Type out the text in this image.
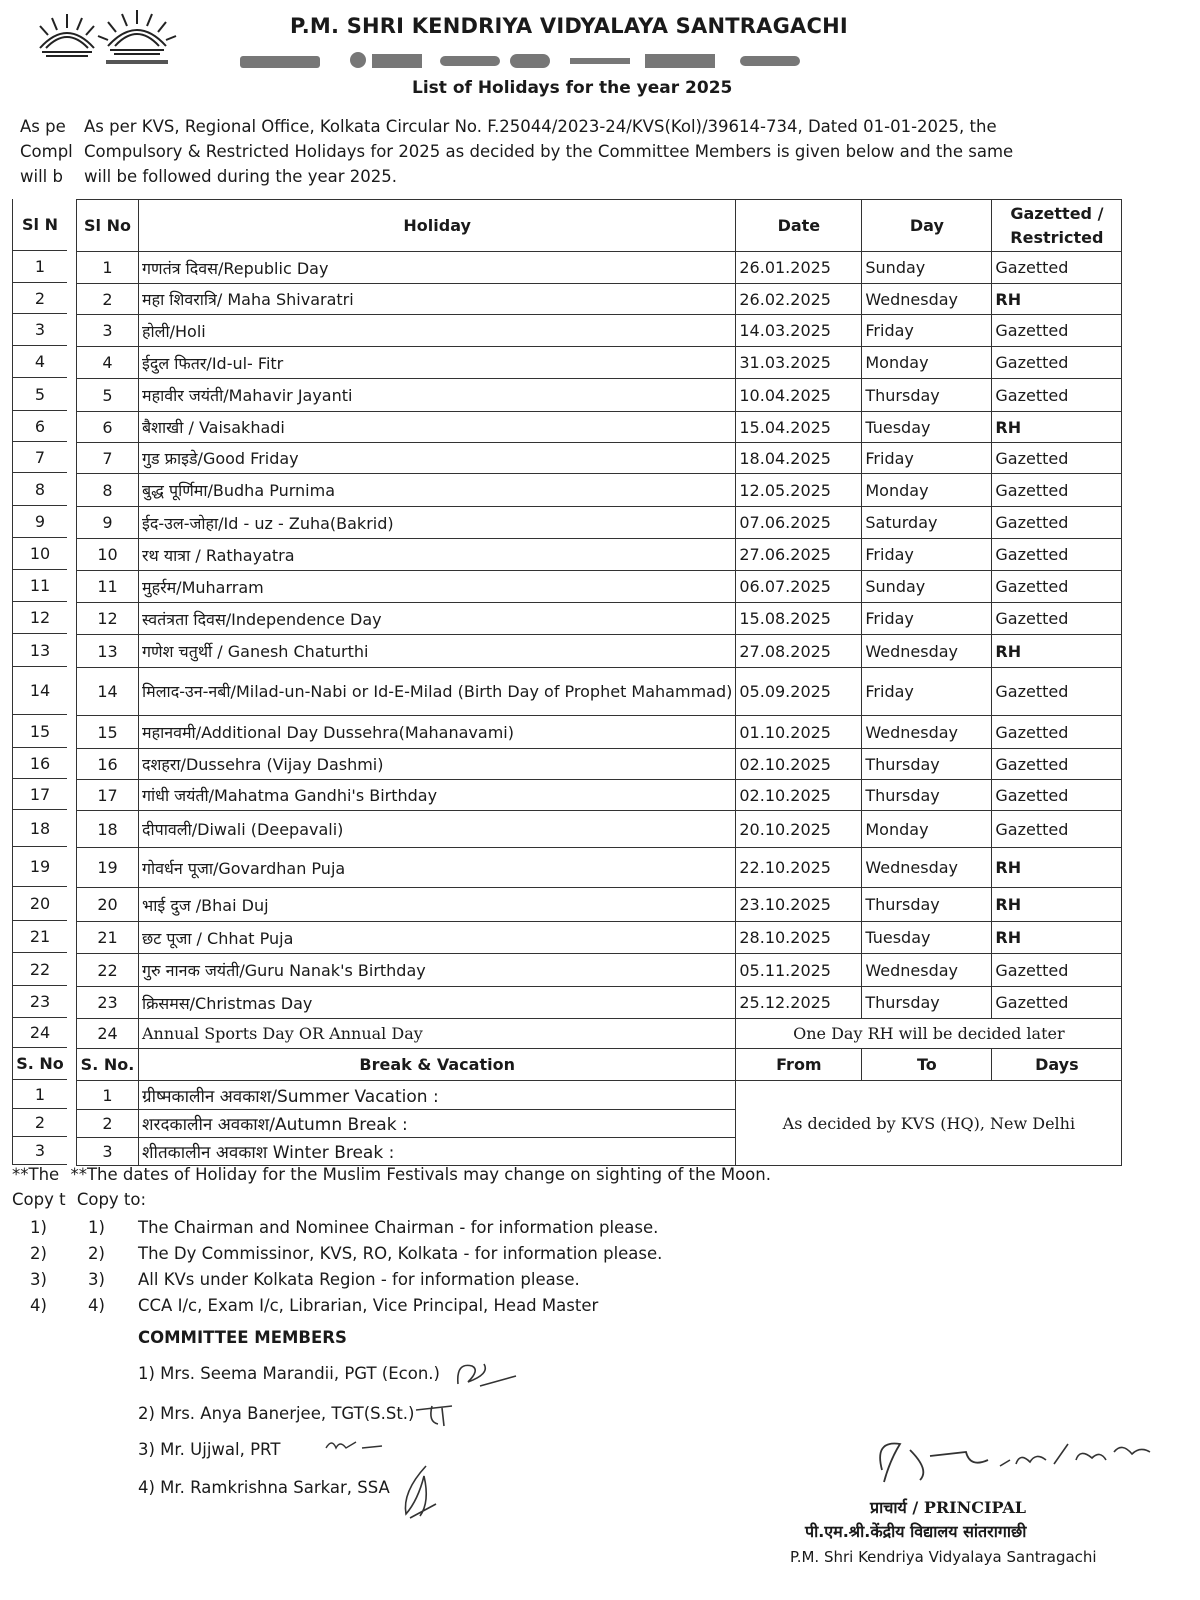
P.M. SHRI KENDRIYA VIDYALAYA SANTRAGACHI
List of Holidays for the year 2025
As pe
Compl
will b
As per KVS, Regional Office, Kolkata Circular No. F.25044/2023-24/KVS(Kol)/39614-734, Dated 01-01-2025, the
Compulsory & Restricted Holidays for 2025 as decided by the Committee Members is given below and the same
will be followed during the year 2025.
Sl N
1
2
3
4
5
6
7
8
9
10
11
12
13
14
15
16
17
18
19
20
21
22
23
24
S. No
1
2
3
Sl No	Holiday	Date	Day	Gazetted / Restricted
1	गणतंत्र दिवस/Republic Day	26.01.2025	Sunday	Gazetted
2	महा शिवरात्रि/ Maha Shivaratri	26.02.2025	Wednesday	RH
3	होली/Holi	14.03.2025	Friday	Gazetted
4	ईदुल फितर/Id-ul- Fitr	31.03.2025	Monday	Gazetted
5	महावीर जयंती/Mahavir Jayanti	10.04.2025	Thursday	Gazetted
6	बैशाखी / Vaisakhadi	15.04.2025	Tuesday	RH
7	गुड फ्राइडे/Good Friday	18.04.2025	Friday	Gazetted
8	बुद्ध पूर्णिमा/Budha Purnima	12.05.2025	Monday	Gazetted
9	ईद-उल-जोहा/Id - uz - Zuha(Bakrid)	07.06.2025	Saturday	Gazetted
10	रथ यात्रा / Rathayatra	27.06.2025	Friday	Gazetted
11	मुहर्रम/Muharram	06.07.2025	Sunday	Gazetted
12	स्वतंत्रता दिवस/Independence Day	15.08.2025	Friday	Gazetted
13	गणेश चतुर्थी / Ganesh Chaturthi	27.08.2025	Wednesday	RH
14	मिलाद-उन-नबी/Milad-un-Nabi or Id-E-Milad (Birth Day of Prophet Mahammad)	05.09.2025	Friday	Gazetted
15	महानवमी/Additional Day Dussehra(Mahanavami)	01.10.2025	Wednesday	Gazetted
16	दशहरा/Dussehra (Vijay Dashmi)	02.10.2025	Thursday	Gazetted
17	गांधी जयंती/Mahatma Gandhi's Birthday	02.10.2025	Thursday	Gazetted
18	दीपावली/Diwali (Deepavali)	20.10.2025	Monday	Gazetted
19	गोवर्धन पूजा/Govardhan Puja	22.10.2025	Wednesday	RH
20	भाई दुज /Bhai Duj	23.10.2025	Thursday	RH
21	छट पूजा / Chhat Puja	28.10.2025	Tuesday	RH
22	गुरु नानक जयंती/Guru Nanak's Birthday	05.11.2025	Wednesday	Gazetted
23	क्रिसमस/Christmas Day	25.12.2025	Thursday	Gazetted
24	Annual Sports Day OR Annual Day	One Day RH will be decided later		
S. No.	Break & Vacation	From	To	Days
1	ग्रीष्मकालीन अवकाश/Summer Vacation :	As decided by KVS (HQ), New Delhi		
2	शरदकालीन अवकाश/Autumn Break :			
3	शीतकालीन अवकाश Winter Break :			
**The **The dates of Holiday for the Muslim Festivals may change on sighting of the Moon.
Copy t Copy to:
1)	1)	The Chairman and Nominee Chairman - for information please.
2)	2)	The Dy Commissinor, KVS, RO, Kolkata - for information please.
3)	3)	All KVs under Kolkata Region - for information please.
4)	4)	CCA I/c, Exam I/c, Librarian, Vice Principal, Head Master
COMMITTEE MEMBERS
1) Mrs. Seema Marandii, PGT (Econ.)
2) Mrs. Anya Banerjee, TGT(S.St.)
3) Mr. Ujjwal, PRT
4) Mr. Ramkrishna Sarkar, SSA
प्राचार्य / PRINCIPAL
पी.एम.श्री.केंद्रीय विद्यालय सांतरागाछी
P.M. Shri Kendriya Vidyalaya Santragachi
